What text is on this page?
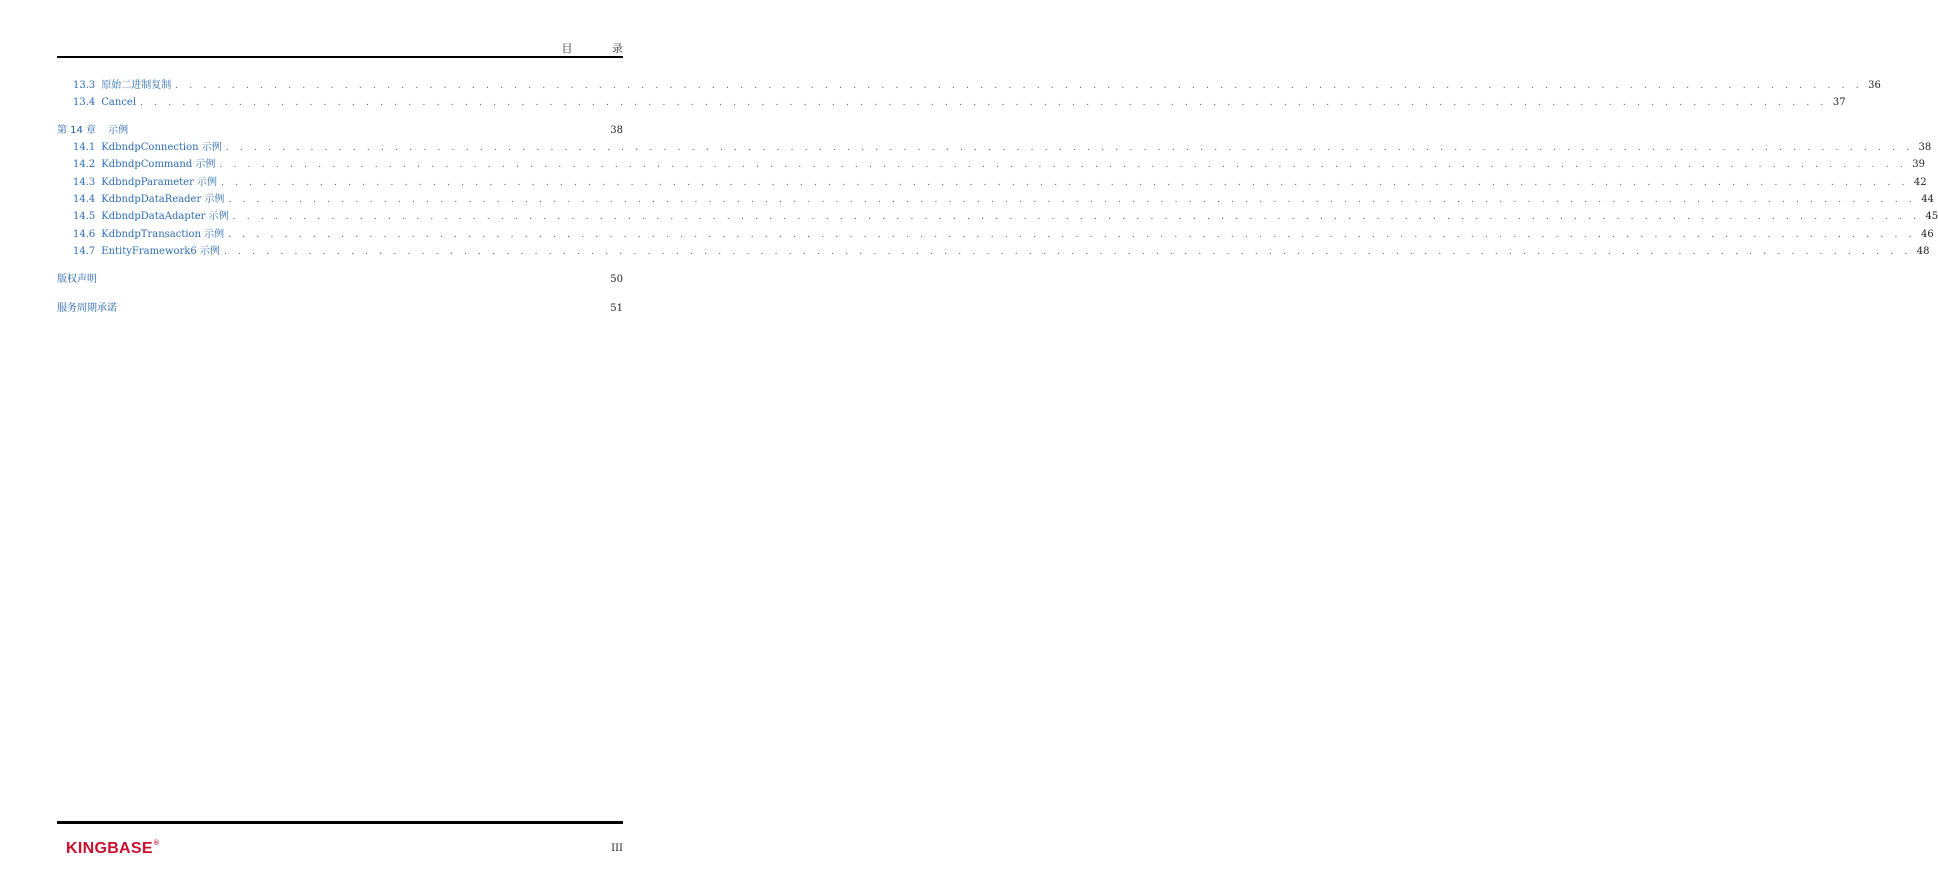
目 录
13.3 原始二进制复制 . . . . . . . . . . . . . . . . . . . . . . . . . . . . . . . . . . . . . . . . . . . . . . . . . . . . . . . . . . . . . . . . . . . . . . . . . . . . . . . . . . . . . . . . . . . . . . . . . . . . . . . . . . . . . . . . . . . . . . . . 36
13.4 Cancel . . . . . . . . . . . . . . . . . . . . . . . . . . . . . . . . . . . . . . . . . . . . . . . . . . . . . . . . . . . . . . . . . . . . . . . . . . . . . . . . . . . . . . . . . . . . . . . . . . . . . . . . . . . . . . . . . . . . . . . . 37
第 14 章 示例	38
14.1 KdbndpConnection 示例 . . . . . . . . . . . . . . . . . . . . . . . . . . . . . . . . . . . . . . . . . . . . . . . . . . . . . . . . . . . . . . . . . . . . . . . . . . . . . . . . . . . . . . . . . . . . . . . . . . . . . . . . . . . . . . . . . . . . . . . . 38
14.2 KdbndpCommand 示例 . . . . . . . . . . . . . . . . . . . . . . . . . . . . . . . . . . . . . . . . . . . . . . . . . . . . . . . . . . . . . . . . . . . . . . . . . . . . . . . . . . . . . . . . . . . . . . . . . . . . . . . . . . . . . . . . . . . . . . . . 39
14.3 KdbndpParameter 示例 . . . . . . . . . . . . . . . . . . . . . . . . . . . . . . . . . . . . . . . . . . . . . . . . . . . . . . . . . . . . . . . . . . . . . . . . . . . . . . . . . . . . . . . . . . . . . . . . . . . . . . . . . . . . . . . . . . . . . . . . 42
14.4 KdbndpDataReader 示例 . . . . . . . . . . . . . . . . . . . . . . . . . . . . . . . . . . . . . . . . . . . . . . . . . . . . . . . . . . . . . . . . . . . . . . . . . . . . . . . . . . . . . . . . . . . . . . . . . . . . . . . . . . . . . . . . . . . . . . . . 44
14.5 KdbndpDataAdapter 示例 . . . . . . . . . . . . . . . . . . . . . . . . . . . . . . . . . . . . . . . . . . . . . . . . . . . . . . . . . . . . . . . . . . . . . . . . . . . . . . . . . . . . . . . . . . . . . . . . . . . . . . . . . . . . . . . . . . . . . . . . 45
14.6 KdbndpTransaction 示例 . . . . . . . . . . . . . . . . . . . . . . . . . . . . . . . . . . . . . . . . . . . . . . . . . . . . . . . . . . . . . . . . . . . . . . . . . . . . . . . . . . . . . . . . . . . . . . . . . . . . . . . . . . . . . . . . . . . . . . . . 46
14.7 EntityFramework6 示例 . . . . . . . . . . . . . . . . . . . . . . . . . . . . . . . . . . . . . . . . . . . . . . . . . . . . . . . . . . . . . . . . . . . . . . . . . . . . . . . . . . . . . . . . . . . . . . . . . . . . . . . . . . . . . . . . . . . . . . . . 48
版权声明	50
服务周期承诺	51
KINGBASE®	III
